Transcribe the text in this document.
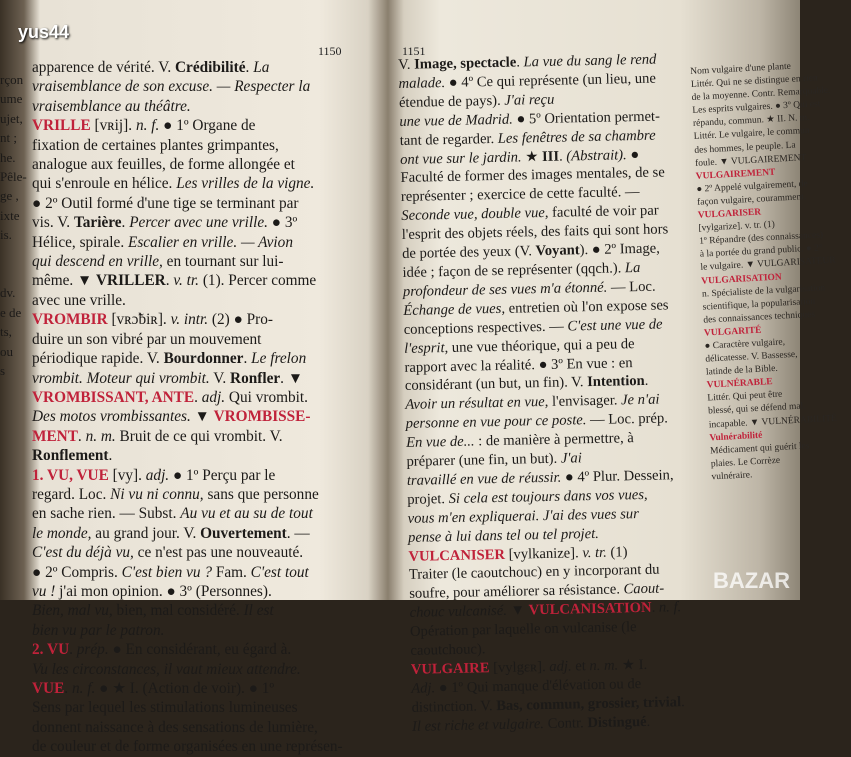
yus44
1150	1151
rçon
ume
ujet,
nt ;
he.
Pêle-
ge ,
ixte
is.

dv.
e de
ts,
ou
s
apparence de vérité. V. Crédibilité. La
vraisemblance de son excuse. — Respecter la
vraisemblance au théâtre.
VRILLE [vʀij]. n. f. ● 1º Organe de
fixation de certaines plantes grimpantes,
analogue aux feuilles, de forme allongée et
qui s'enroule en hélice. Les vrilles de la vigne.
● 2º Outil formé d'une tige se terminant par
vis. V. Tarière. Percer avec une vrille. ● 3º
Hélice, spirale. Escalier en vrille. — Avion
qui descend en vrille, en tournant sur lui-
même. ▼ VRILLER. v. tr. (1). Percer comme
avec une vrille.
VROMBIR [vʀɔ̃biʀ]. v. intr. (2) ● Pro-
duire un son vibré par un mouvement
périodique rapide. V. Bourdonner. Le frelon
vrombit. Moteur qui vrombit. V. Ronfler. ▼
VROMBISSANT, ANTE. adj. Qui vrombit.
Des motos vrombissantes. ▼ VROMBISSE-
MENT. n. m. Bruit de ce qui vrombit. V.
Ronflement.
1. VU, VUE [vy]. adj. ● 1º Perçu par le
regard. Loc. Ni vu ni connu, sans que personne
en sache rien. — Subst. Au vu et au su de tout
le monde, au grand jour. V. Ouvertement. —
C'est du déjà vu, ce n'est pas une nouveauté.
● 2º Compris. C'est bien vu ? Fam. C'est tout
vu ! j'ai mon opinion. ● 3º (Personnes).
Bien, mal vu, bien, mal considéré. Il est
bien vu par le patron.
2. VU. prép. ● En considérant, eu égard à.
Vu les circonstances, il vaut mieux attendre.
VUE. n. f. ● ★ I. (Action de voir). ● 1º
Sens par lequel les stimulations lumineuses
donnent naissance à des sensations de lumière,
de couleur et de forme organisées en une représen-
V. Image, spectacle. La vue du sang le rend
malade. ● 4º Ce qui représente (un lieu, une
étendue de pays). J'ai reçu
une vue de Madrid. ● 5º Orientation permet-
tant de regarder. Les fenêtres de sa chambre
ont vue sur le jardin. ★ III. (Abstrait). ●
Faculté de former des images mentales, de se
représenter ; exercice de cette faculté. —
Seconde vue, double vue, faculté de voir par
l'esprit des objets réels, des faits qui sont hors
de portée des yeux (V. Voyant). ● 2º Image,
idée ; façon de se représenter (qqch.). La
profondeur de ses vues m'a étonné. — Loc.
Échange de vues, entretien où l'on expose ses
conceptions respectives. — C'est une vue de
l'esprit, une vue théorique, qui a peu de
rapport avec la réalité. ● 3º En vue : en
considérant (un but, un fin). V. Intention.
Avoir un résultat en vue, l'envisager. Je n'ai
personne en vue pour ce poste. — Loc. prép.
En vue de... : de manière à permettre, à
préparer (une fin, un but). J'ai
travaillé en vue de réussir. ● 4º Plur. Dessein,
projet. Si cela est toujours dans vos vues,
vous m'en expliquerai. J'ai des vues sur
pense à lui dans tel ou tel projet.
VULCANISER [vylkanize]. v. tr. (1)
Traiter (le caoutchouc) en y incorporant du
soufre, pour améliorer sa résistance. Caout-
chouc vulcanisé. ▼ VULCANISATION. n. f.
Opération par laquelle on vulcanise (le
caoutchouc).
VULGAIRE [vylgɛʀ]. adj. et n. m. ★ I.
Adj. ● 1º Qui manque d'élévation ou de
distinction. V. Bas, commun, grossier, trivial.
Il est riche et vulgaire. Contr. Distingué.
Nom vulgaire d'une plante
Littér. Qui ne se distingue en rien
de la moyenne. Contr. Remarquable.
Les esprits vulgaires. ● 3º Qui est
répandu, commun. ★ II. N. m.
Littér. Le vulgaire, le commun
des hommes, le peuple. La
foule. ▼ VULGAIREMENT
VULGAIREMENT
● 2º Appelé vulgairement, de
façon vulgaire, couramment.
VULGARISER
[vylgarize]. v. tr. (1)
1º Répandre (des connaissances)
à la portée du grand public. ● 2º
le vulgaire. ▼ VULGARISATEUR
VULGARISATION
n. Spécialiste de la vulgarisation
scientifique, la popularisation
des connaissances techniques
VULGARITÉ
● Caractère vulgaire,
délicatesse. V. Bassesse,
latinde de la Bible.
VULNÉRABLE
Littér. Qui peut être
blessé, qui se défend mal.
incapable. ▼ VULNÉRABILITÉ
Vulnérabilité
Médicament qui guérit les
plaies. Le Corrèze
vulnéraire.
BAZAR
